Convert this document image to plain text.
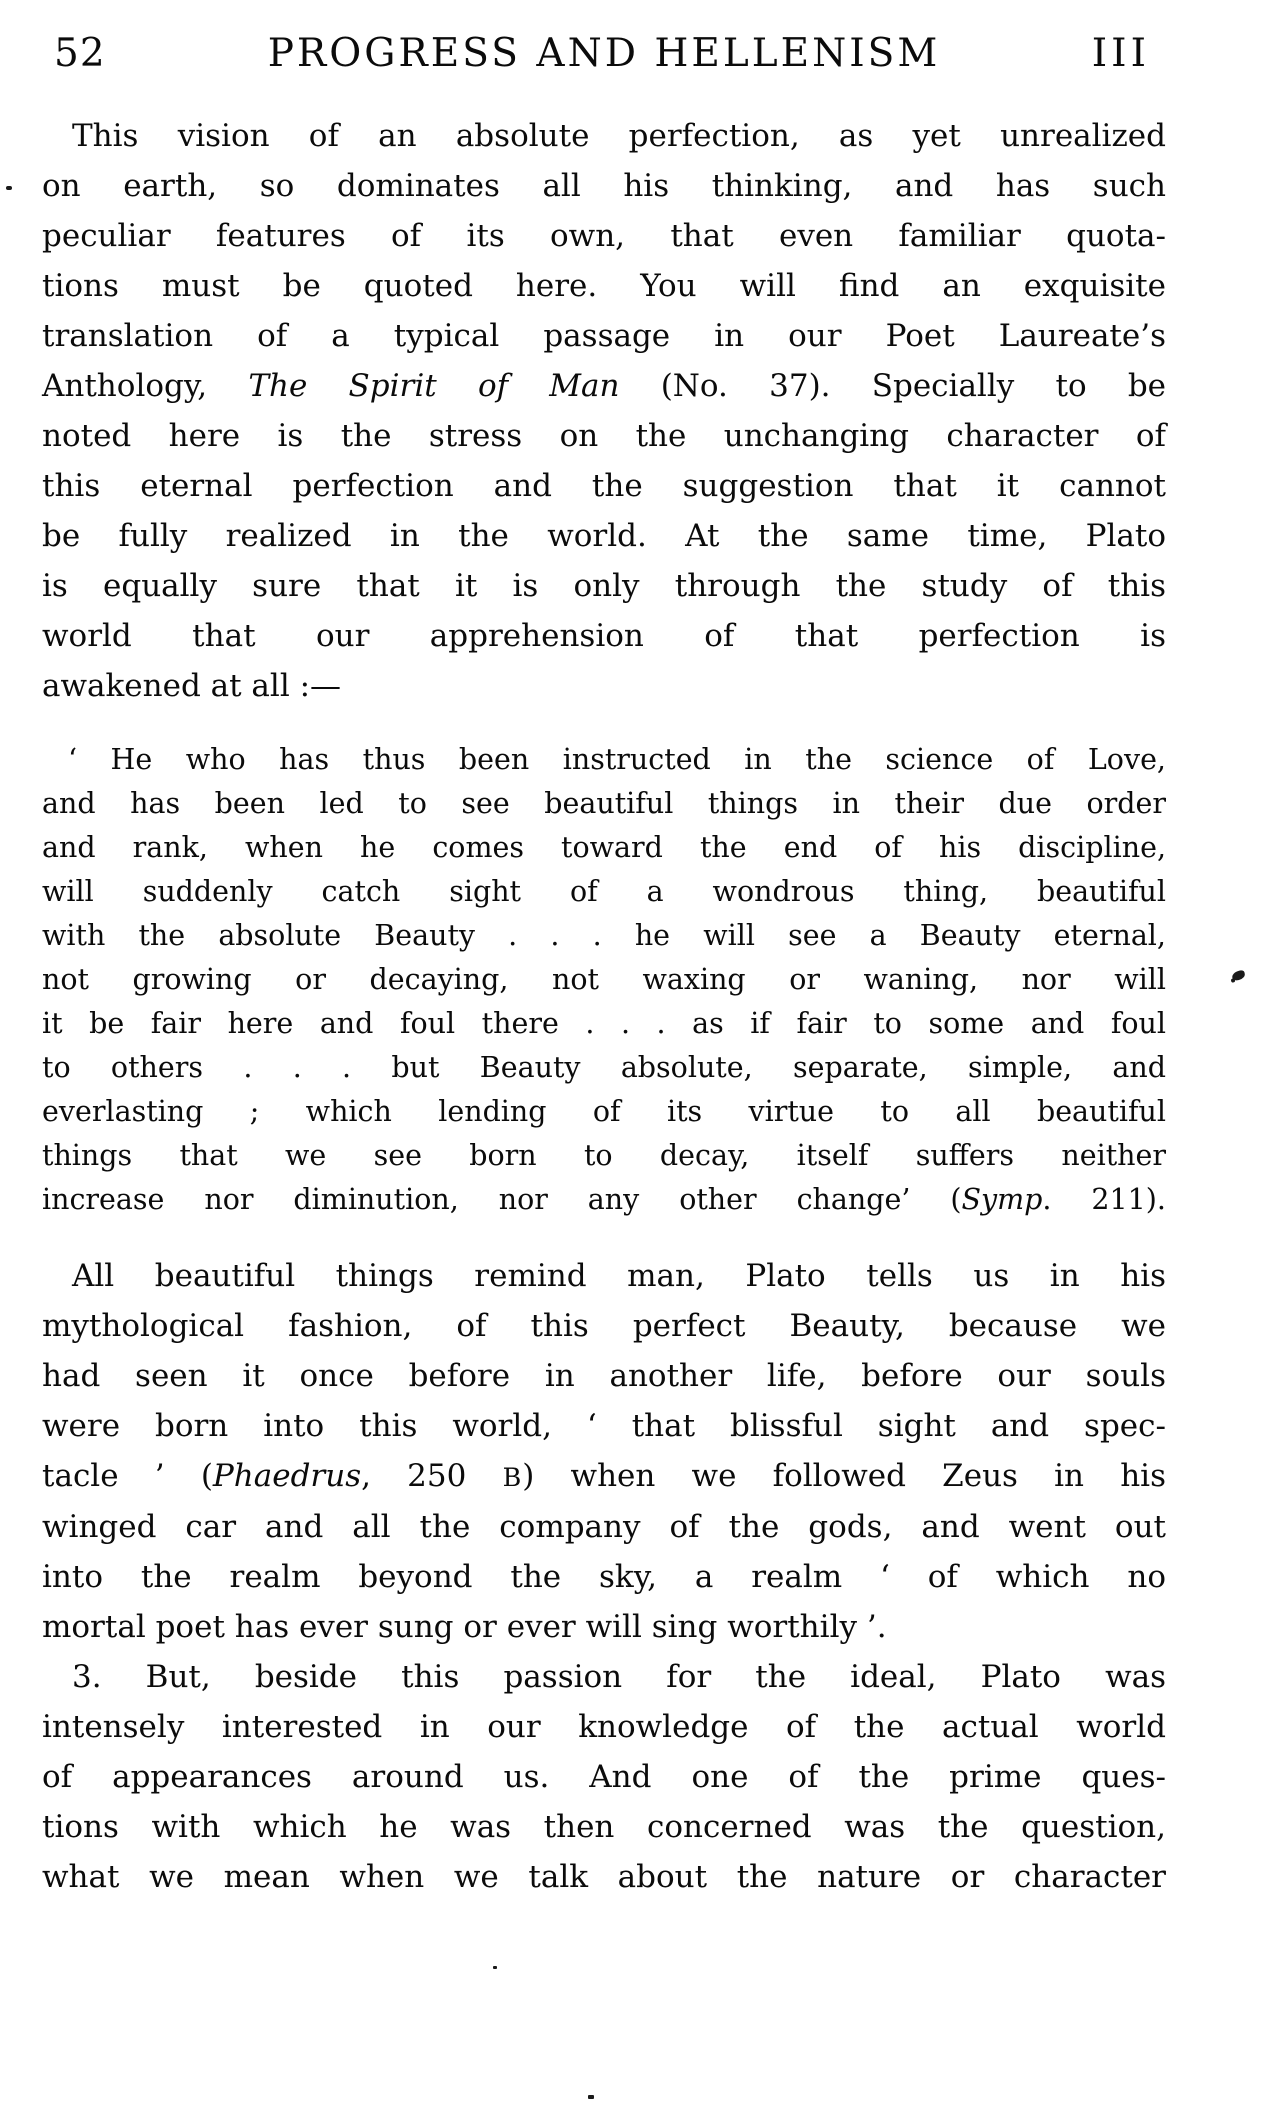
52	PROGRESS AND HELLENISM	III
This vision of an absolute perfection, as yet unrealized
on earth, so dominates all his thinking, and has such
peculiar features of its own, that even familiar quota-
tions must be quoted here. You will find an exquisite
translation of a typical passage in our Poet Laureate’s
Anthology, The Spirit of Man (No. 37). Specially to be
noted here is the stress on the unchanging character of
this eternal perfection and the suggestion that it cannot
be fully realized in the world. At the same time, Plato
is equally sure that it is only through the study of this
world that our apprehension of that perfection is
awakened at all :—
‘ He who has thus been instructed in the science of Love,
and has been led to see beautiful things in their due order
and rank, when he comes toward the end of his discipline,
will suddenly catch sight of a wondrous thing, beautiful
with the absolute Beauty . . . he will see a Beauty eternal,
not growing or decaying, not waxing or waning, nor will
it be fair here and foul there . . . as if fair to some and foul
to others . . . but Beauty absolute, separate, simple, and
everlasting ; which lending of its virtue to all beautiful
things that we see born to decay, itself suffers neither
increase nor diminution, nor any other change’ (Symp. 211).
All beautiful things remind man, Plato tells us in his
mythological fashion, of this perfect Beauty, because we
had seen it once before in another life, before our souls
were born into this world, ‘ that blissful sight and spec-
tacle ’ (Phaedrus, 250 B) when we followed Zeus in his
winged car and all the company of the gods, and went out
into the realm beyond the sky, a realm ‘ of which no
mortal poet has ever sung or ever will sing worthily ’.
3. But, beside this passion for the ideal, Plato was
intensely interested in our knowledge of the actual world
of appearances around us. And one of the prime ques-
tions with which he was then concerned was the question,
what we mean when we talk about the nature or character
